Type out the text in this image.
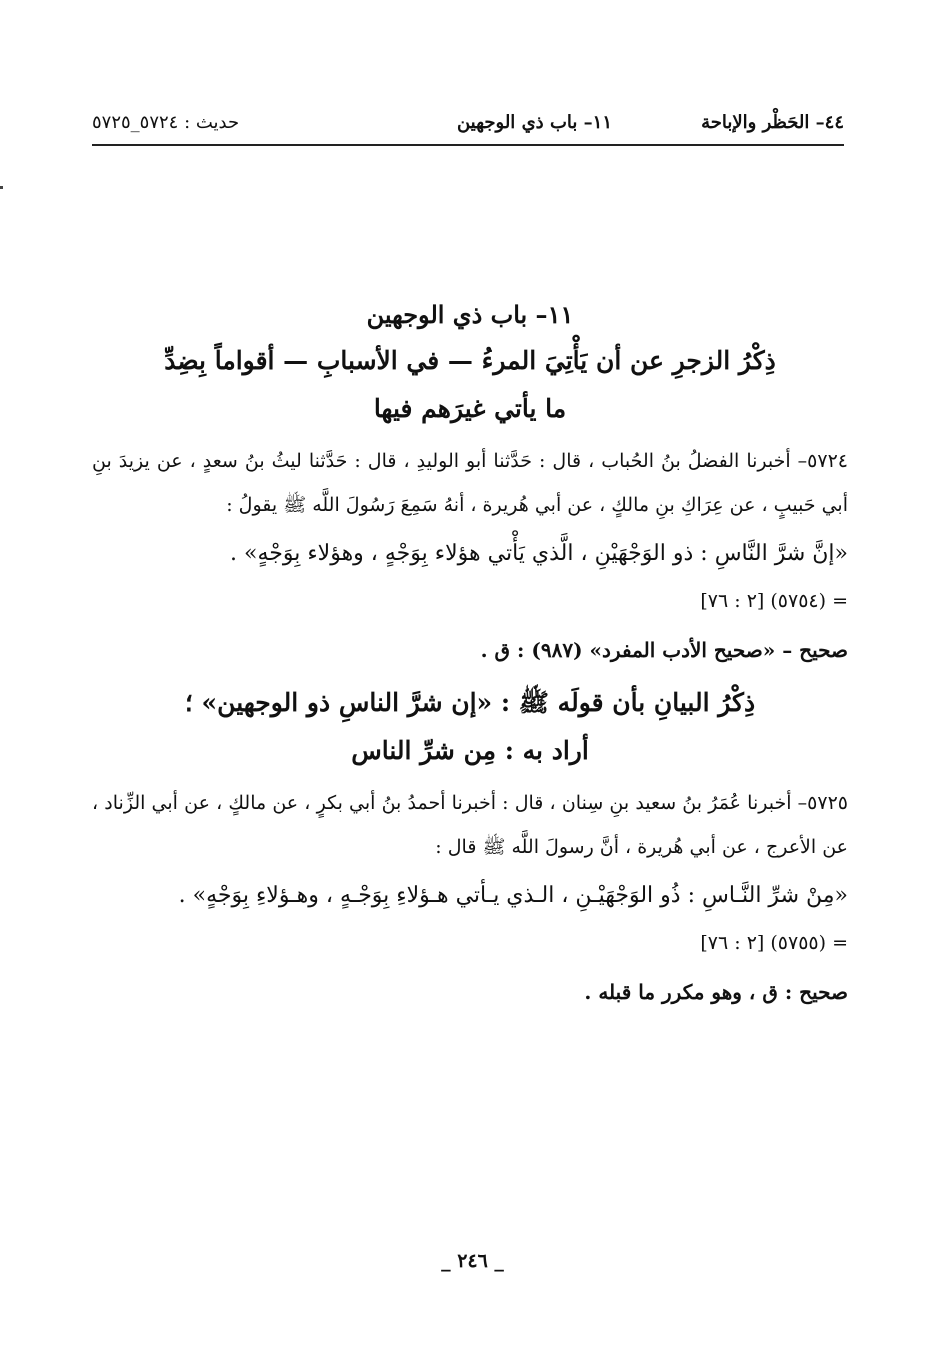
٤٤– الحَظْر والإباحة
١١– باب ذي الوجهين
حديث : ٥٧٢٤_٥٧٢٥
١١– باب ذي الوجهين
ذِكْرُ الزجرِ عن أن يَأْتِيَ المرءُ — في الأسبابِ — أقواماً بِضِدِّ
ما يأتي غيرَهم فيها

٥٧٢٤– أخبرنا الفضلُ بنُ الحُباب ، قال : حَدَّثنا أبو الوليدِ ، قال : حَدَّثنا ليثُ بنُ سعدٍ ، عن يزيدَ بنِ أبي حَبيبٍ ، عن عِرَاكِ بنِ مالكٍ ، عن أبي هُريرة ، أنهُ سَمِعَ رَسُولَ اللَّه ﷺ يقولُ :

«إنَّ شرَّ النَّاسِ : ذو الوَجْهَيْنِ ، الَّذي يَأْتي هؤلاء بِوَجْهٍ ، وهؤلاء بِوَجْهٍ» .

= (٥٧٥٤) [٢ : ٧٦]

صحيح – «صحيح الأدب المفرد» (٩٨٧) : ق .

ذِكْرُ البيانِ بأن قولَه ﷺ : «إن شرَّ الناسِ ذو الوجهين» ؛
أراد به : مِن شرِّ الناس

٥٧٢٥– أخبرنا عُمَرُ بنُ سعيد بنِ سِنان ، قال : أخبرنا أحمدُ بنُ أبي بكرٍ ، عن مالكٍ ، عن أبي الزِّناد ، عن الأعرج ، عن أبي هُريرة ، أنَّ رسولَ اللَّه ﷺ قال :

«مِنْ شرِّ النَّـاسِ : ذُو الوَجْهَيْـنِ ، الـذي يـأتي هـؤلاءِ بِوَجْـهٍ ، وهـؤلاءِ بِوَجْهٍ» .

= (٥٧٥٥) [٢ : ٧٦]

صحيح : ق ، وهو مكرر ما قبله .

_ ٢٤٦ _
